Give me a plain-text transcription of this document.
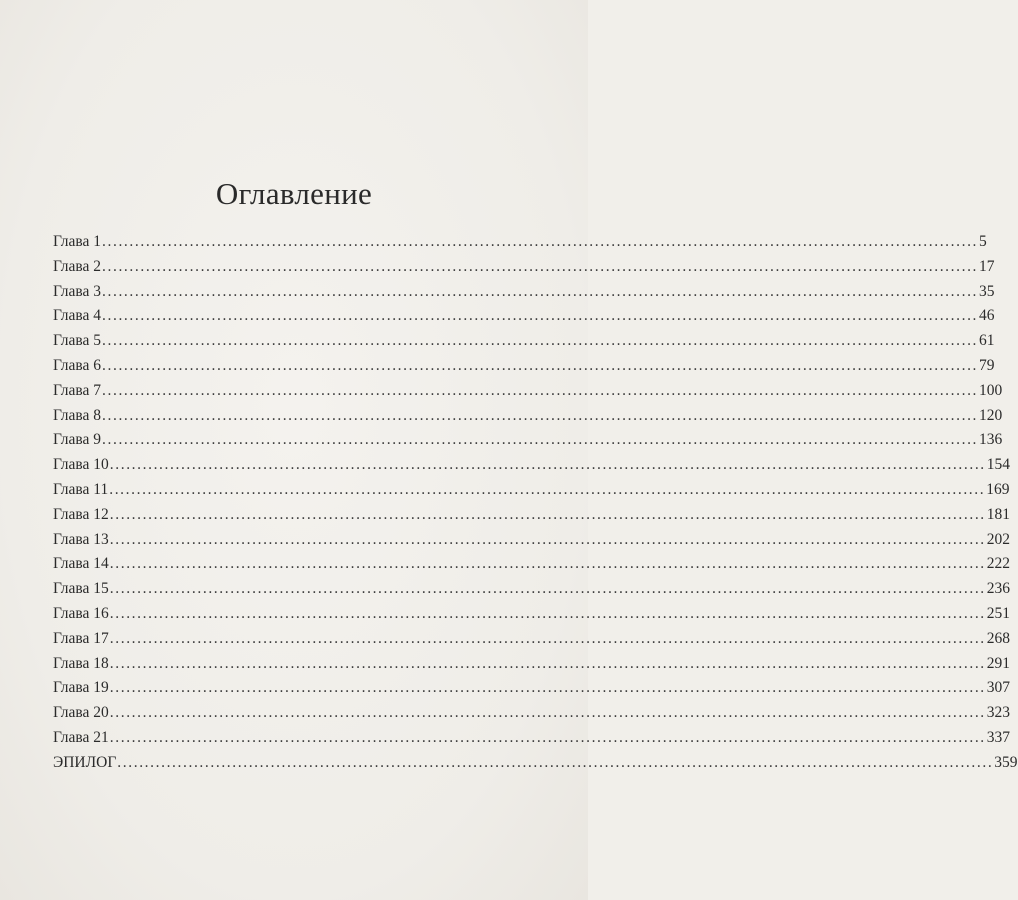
Оглавление
Глава 1 ................................................................................................................................................................ 5
Глава 2 ................................................................................................................................................................ 17
Глава 3 ................................................................................................................................................................ 35
Глава 4 ................................................................................................................................................................ 46
Глава 5 ................................................................................................................................................................ 61
Глава 6 ................................................................................................................................................................ 79
Глава 7 ................................................................................................................................................................ 100
Глава 8 ................................................................................................................................................................ 120
Глава 9 ................................................................................................................................................................ 136
Глава 10 ................................................................................................................................................................ 154
Глава 11 ................................................................................................................................................................ 169
Глава 12 ................................................................................................................................................................ 181
Глава 13 ................................................................................................................................................................ 202
Глава 14 ................................................................................................................................................................ 222
Глава 15 ................................................................................................................................................................ 236
Глава 16 ................................................................................................................................................................ 251
Глава 17 ................................................................................................................................................................ 268
Глава 18 ................................................................................................................................................................ 291
Глава 19 ................................................................................................................................................................ 307
Глава 20 ................................................................................................................................................................ 323
Глава 21 ................................................................................................................................................................ 337
ЭПИЛОГ ................................................................................................................................................................ 359
